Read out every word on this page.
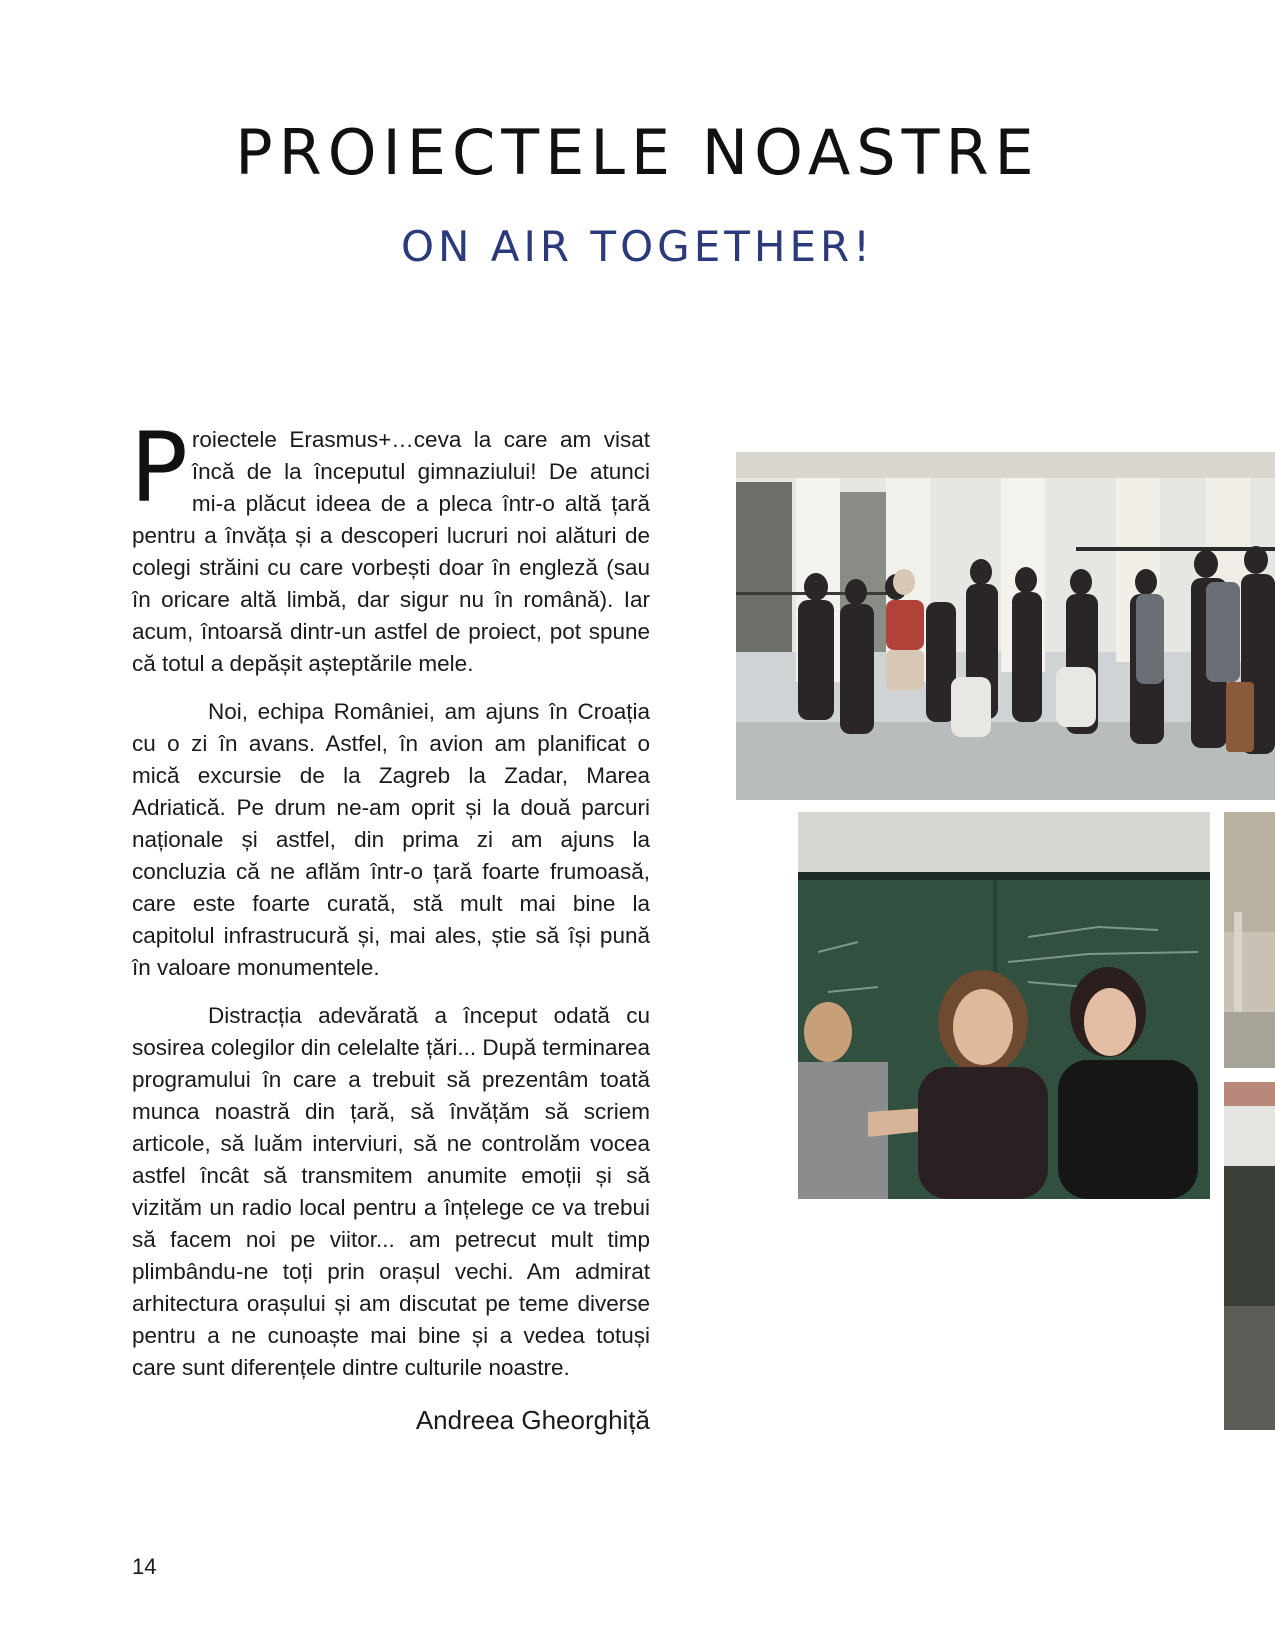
PROIECTELE NOASTRE
ON AIR TOGETHER!

Proiectele Erasmus+…ceva la care am visat încă de la începutul gimnaziului! De atunci mi-a plăcut ideea de a pleca într-o altă țară pentru a învăța și a descoperi lucruri noi alături de colegi străini cu care vorbești doar în engleză (sau în oricare altă limbă, dar sigur nu în română). Iar acum, întoarsă dintr-un astfel de proiect, pot spune că totul a depășit așteptările mele.

Noi, echipa României, am ajuns în Croația cu o zi în avans. Astfel, în avion am planificat o mică excursie de la Zagreb la Zadar, Marea Adriatică. Pe drum ne-am oprit și la două parcuri naționale și astfel, din prima zi am ajuns la concluzia că ne aflăm într-o țară foarte frumoasă, care este foarte curată, stă mult mai bine la capitolul infrastrucură și, mai ales, știe să își pună în valoare monumentele.

Distracția adevărată a început odată cu sosirea colegilor din celelalte țări... După terminarea programului în care a trebuit să prezentâm toată munca noastră din țară, să învățăm să scriem articole, să luăm interviuri, să ne controlăm vocea astfel încât să transmitem anumite emoții și să vizităm un radio local pentru a înțelege ce va trebui să facem noi pe viitor... am petrecut mult timp plimbându-ne toți prin orașul vechi. Am admirat arhitectura orașului și am discutat pe teme diverse pentru a ne cunoaște mai bine și a vedea totuși care sunt diferențele dintre culturile noastre.

Andreea Gheorghiță
14
